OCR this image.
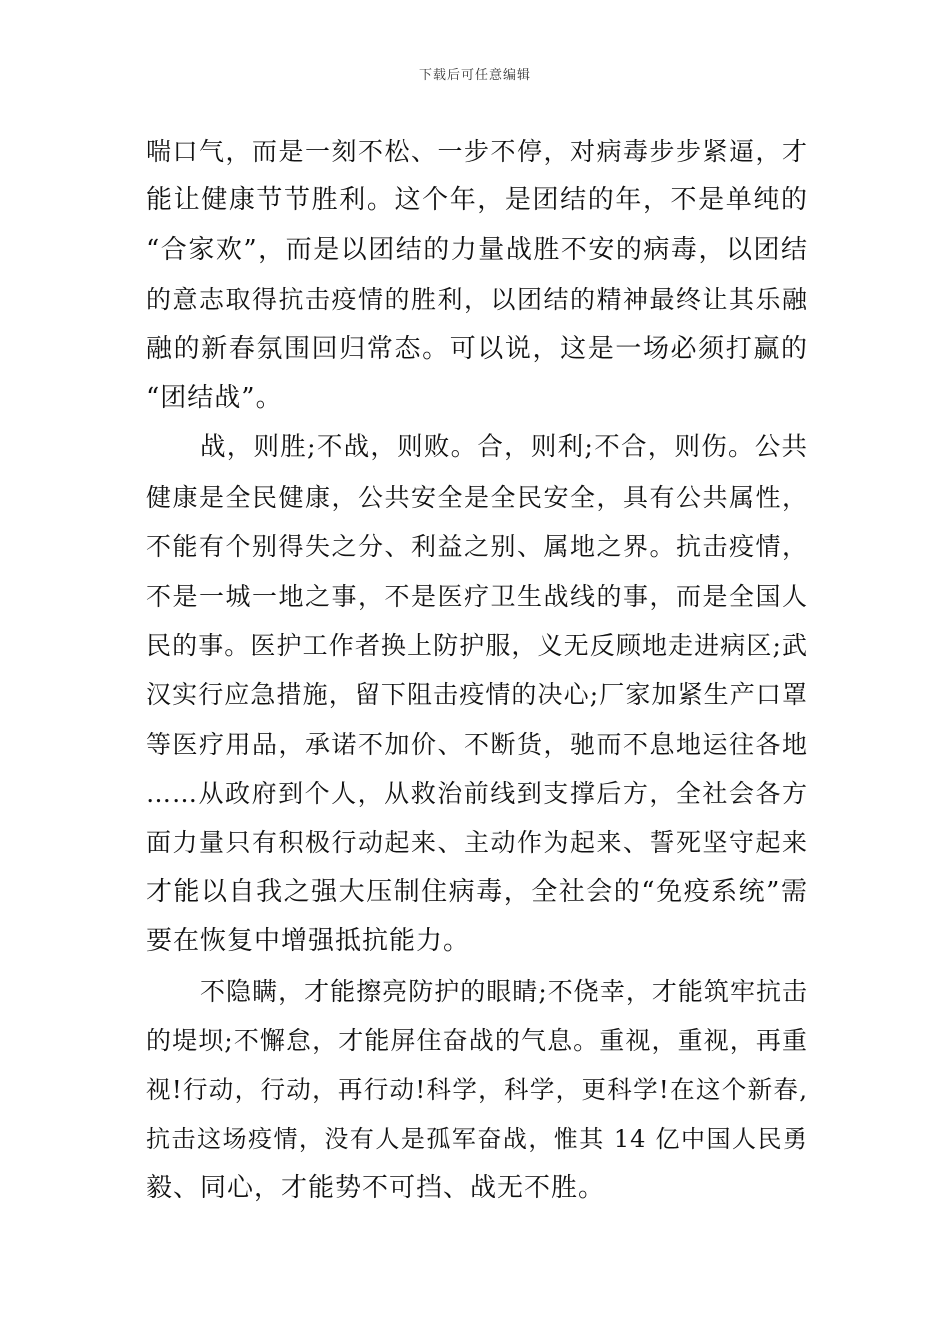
下载后可任意编辑
喘口气，而是一刻不松、一步不停，对病毒步步紧逼，才
能让健康节节胜利。这个年，是团结的年，不是单纯的
“合家欢”，而是以团结的力量战胜不安的病毒，以团结
的意志取得抗击疫情的胜利，以团结的精神最终让其乐融
融的新春氛围回归常态。可以说，这是一场必须打赢的
“团结战”。
战，则胜;不战，则败。合，则利;不合，则伤。公共
健康是全民健康，公共安全是全民安全，具有公共属性，
不能有个别得失之分、利益之别、属地之界。抗击疫情，
不是一城一地之事，不是医疗卫生战线的事，而是全国人
民的事。医护工作者换上防护服，义无反顾地走进病区;武
汉实行应急措施，留下阻击疫情的决心;厂家加紧生产口罩
等医疗用品，承诺不加价、不断货，驰而不息地运往各地
……从政府到个人，从救治前线到支撑后方，全社会各方
面力量只有积极行动起来、主动作为起来、誓死坚守起来
才能以自我之强大压制住病毒，全社会的“免疫系统”需
要在恢复中增强抵抗能力。
不隐瞒，才能擦亮防护的眼睛;不侥幸，才能筑牢抗击
的堤坝;不懈怠，才能屏住奋战的气息。重视，重视，再重
视!行动，行动，再行动!科学，科学，更科学!在这个新春,
抗击这场疫情，没有人是孤军奋战，惟其 14 亿中国人民勇
毅、同心，才能势不可挡、战无不胜。
